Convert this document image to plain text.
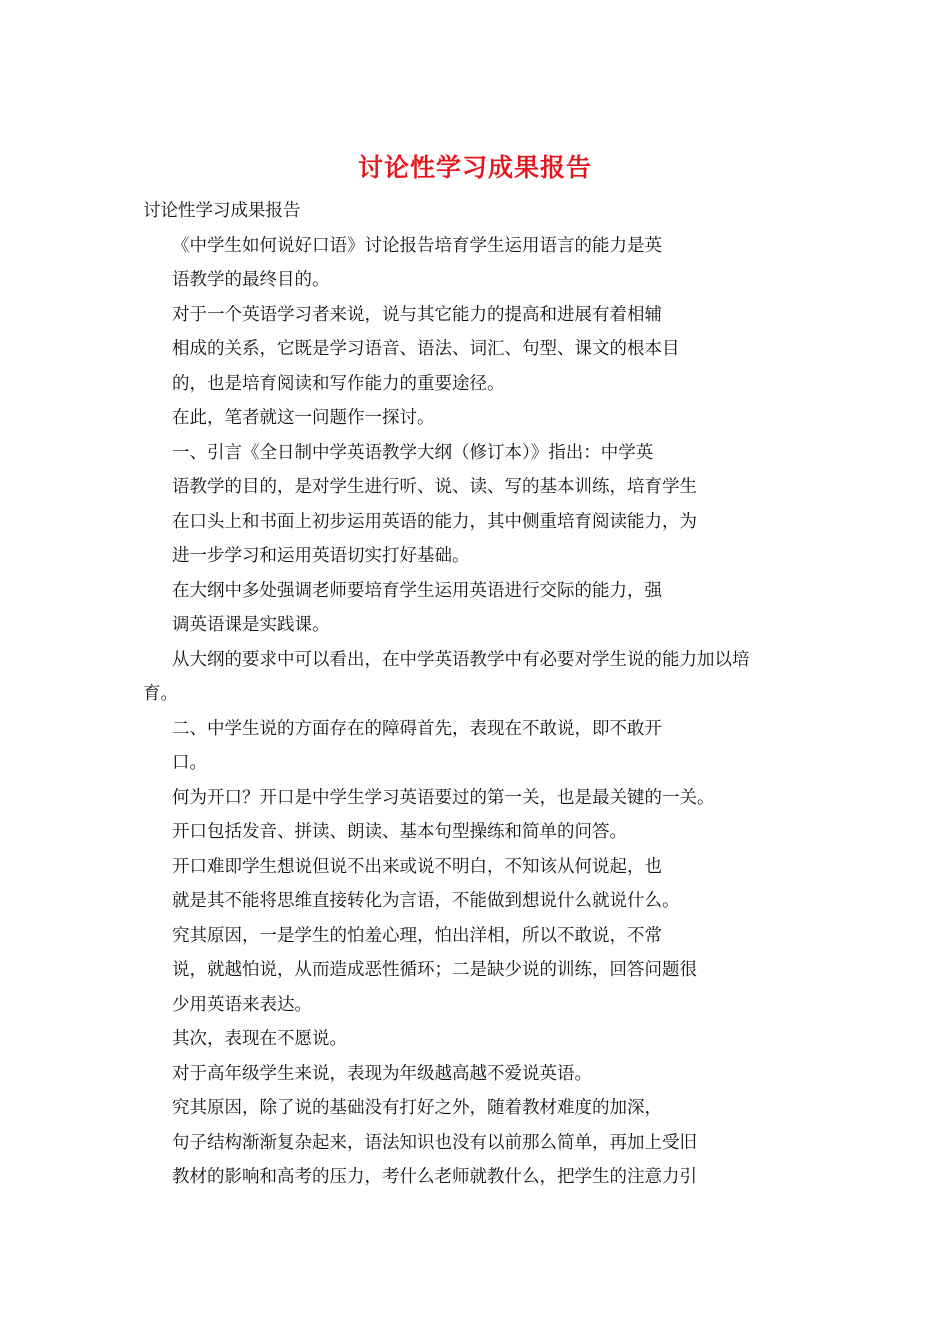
讨论性学习成果报告
讨论性学习成果报告
《中学生如何说好口语》讨论报告培育学生运用语言的能力是英
语教学的最终目的。
对于一个英语学习者来说，说与其它能力的提高和进展有着相辅
相成的关系，它既是学习语音、语法、词汇、句型、课文的根本目
的，也是培育阅读和写作能力的重要途径。
在此，笔者就这一问题作一探讨。
一、引言《全日制中学英语教学大纲（修订本）》指出：中学英
语教学的目的，是对学生进行听、说、读、写的基本训练，培育学生
在口头上和书面上初步运用英语的能力，其中侧重培育阅读能力，为
进一步学习和运用英语切实打好基础。
在大纲中多处强调老师要培育学生运用英语进行交际的能力，强
调英语课是实践课。
从大纲的要求中可以看出，在中学英语教学中有必要对学生说的能力加以培
育。
二、中学生说的方面存在的障碍首先，表现在不敢说，即不敢开
口。
何为开口？开口是中学生学习英语要过的第一关，也是最关键的一关。
开口包括发音、拼读、朗读、基本句型操练和简单的问答。
开口难即学生想说但说不出来或说不明白，不知该从何说起，也
就是其不能将思维直接转化为言语，不能做到想说什么就说什么。
究其原因，一是学生的怕羞心理，怕出洋相，所以不敢说，不常
说，就越怕说，从而造成恶性循环；二是缺少说的训练，回答问题很
少用英语来表达。
其次，表现在不愿说。
对于高年级学生来说，表现为年级越高越不爱说英语。
究其原因，除了说的基础没有打好之外，随着教材难度的加深，
句子结构渐渐复杂起来，语法知识也没有以前那么简单，再加上受旧
教材的影响和高考的压力，考什么老师就教什么，把学生的注意力引
